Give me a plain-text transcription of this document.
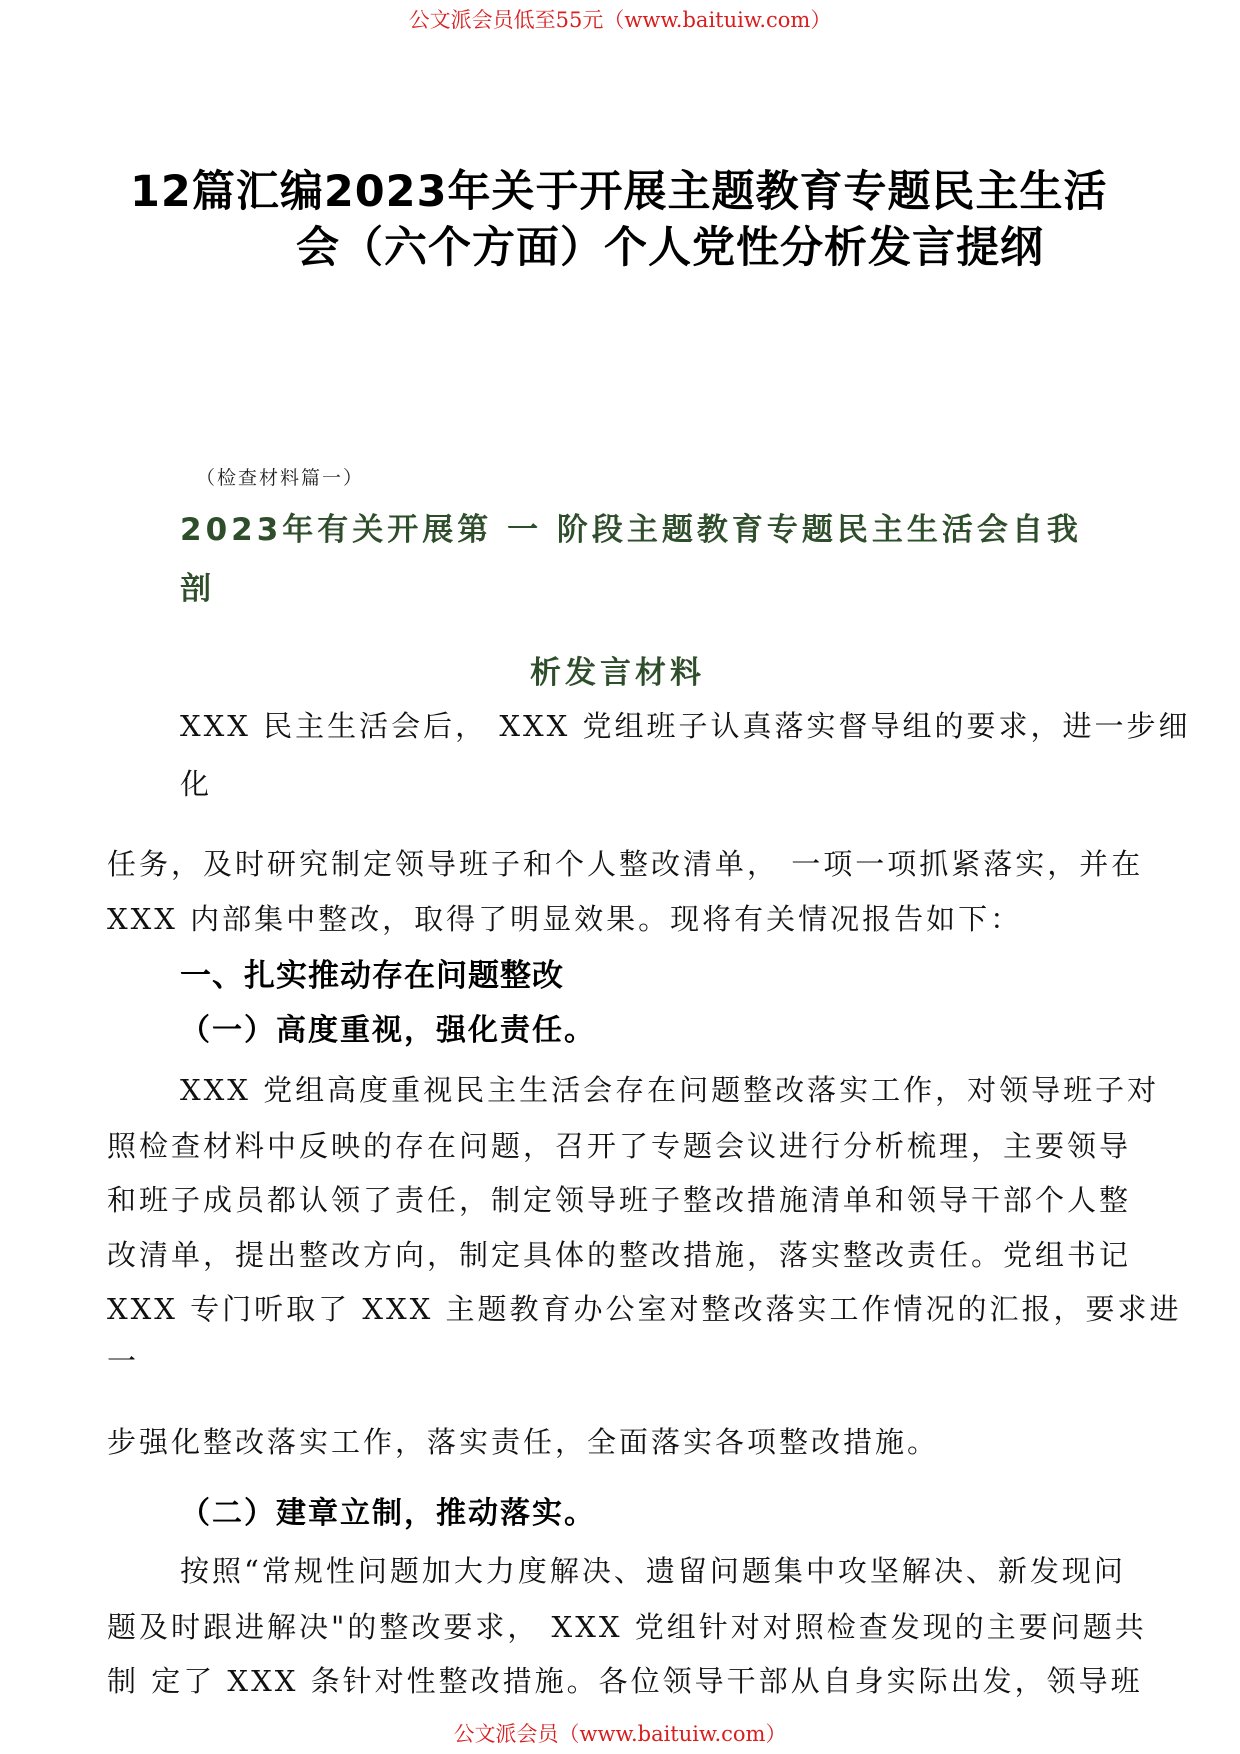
公文派会员低至55元（www.baituiw.com）
12篇汇编2023年关于开展主题教育专题民主生活
会（六个方面）个人党性分析发言提纲
（检查材料篇一）
2023年有关开展第 一 阶段主题教育专题民主生活会自我
剖
析发言材料

XXX 民主生活会后， XXX 党组班子认真落实督导组的要求，进一步细

化

任务，及时研究制定领导班子和个人整改清单， 一项一项抓紧落实，并在

XXX 内部集中整改，取得了明显效果。现将有关情况报告如下：

一、扎实推动存在问题整改
（一）高度重视，强化责任。

XXX 党组高度重视民主生活会存在问题整改落实工作，对领导班子对

照检查材料中反映的存在问题，召开了专题会议进行分析梳理，主要领导

和班子成员都认领了责任，制定领导班子整改措施清单和领导干部个人整

改清单，提出整改方向，制定具体的整改措施，落实整改责任。党组书记

XXX 专门听取了 XXX 主题教育办公室对整改落实工作情况的汇报，要求进

一

步强化整改落实工作，落实责任，全面落实各项整改措施。

（二）建章立制，推动落实。

按照“常规性问题加大力度解决、遗留问题集中攻坚解决、新发现问

题及时跟进解决"的整改要求， XXX 党组针对对照检查发现的主要问题共

制 定了 XXX 条针对性整改措施。各位领导干部从自身实际出发，领导班

公文派会员（www.baituiw.com）
